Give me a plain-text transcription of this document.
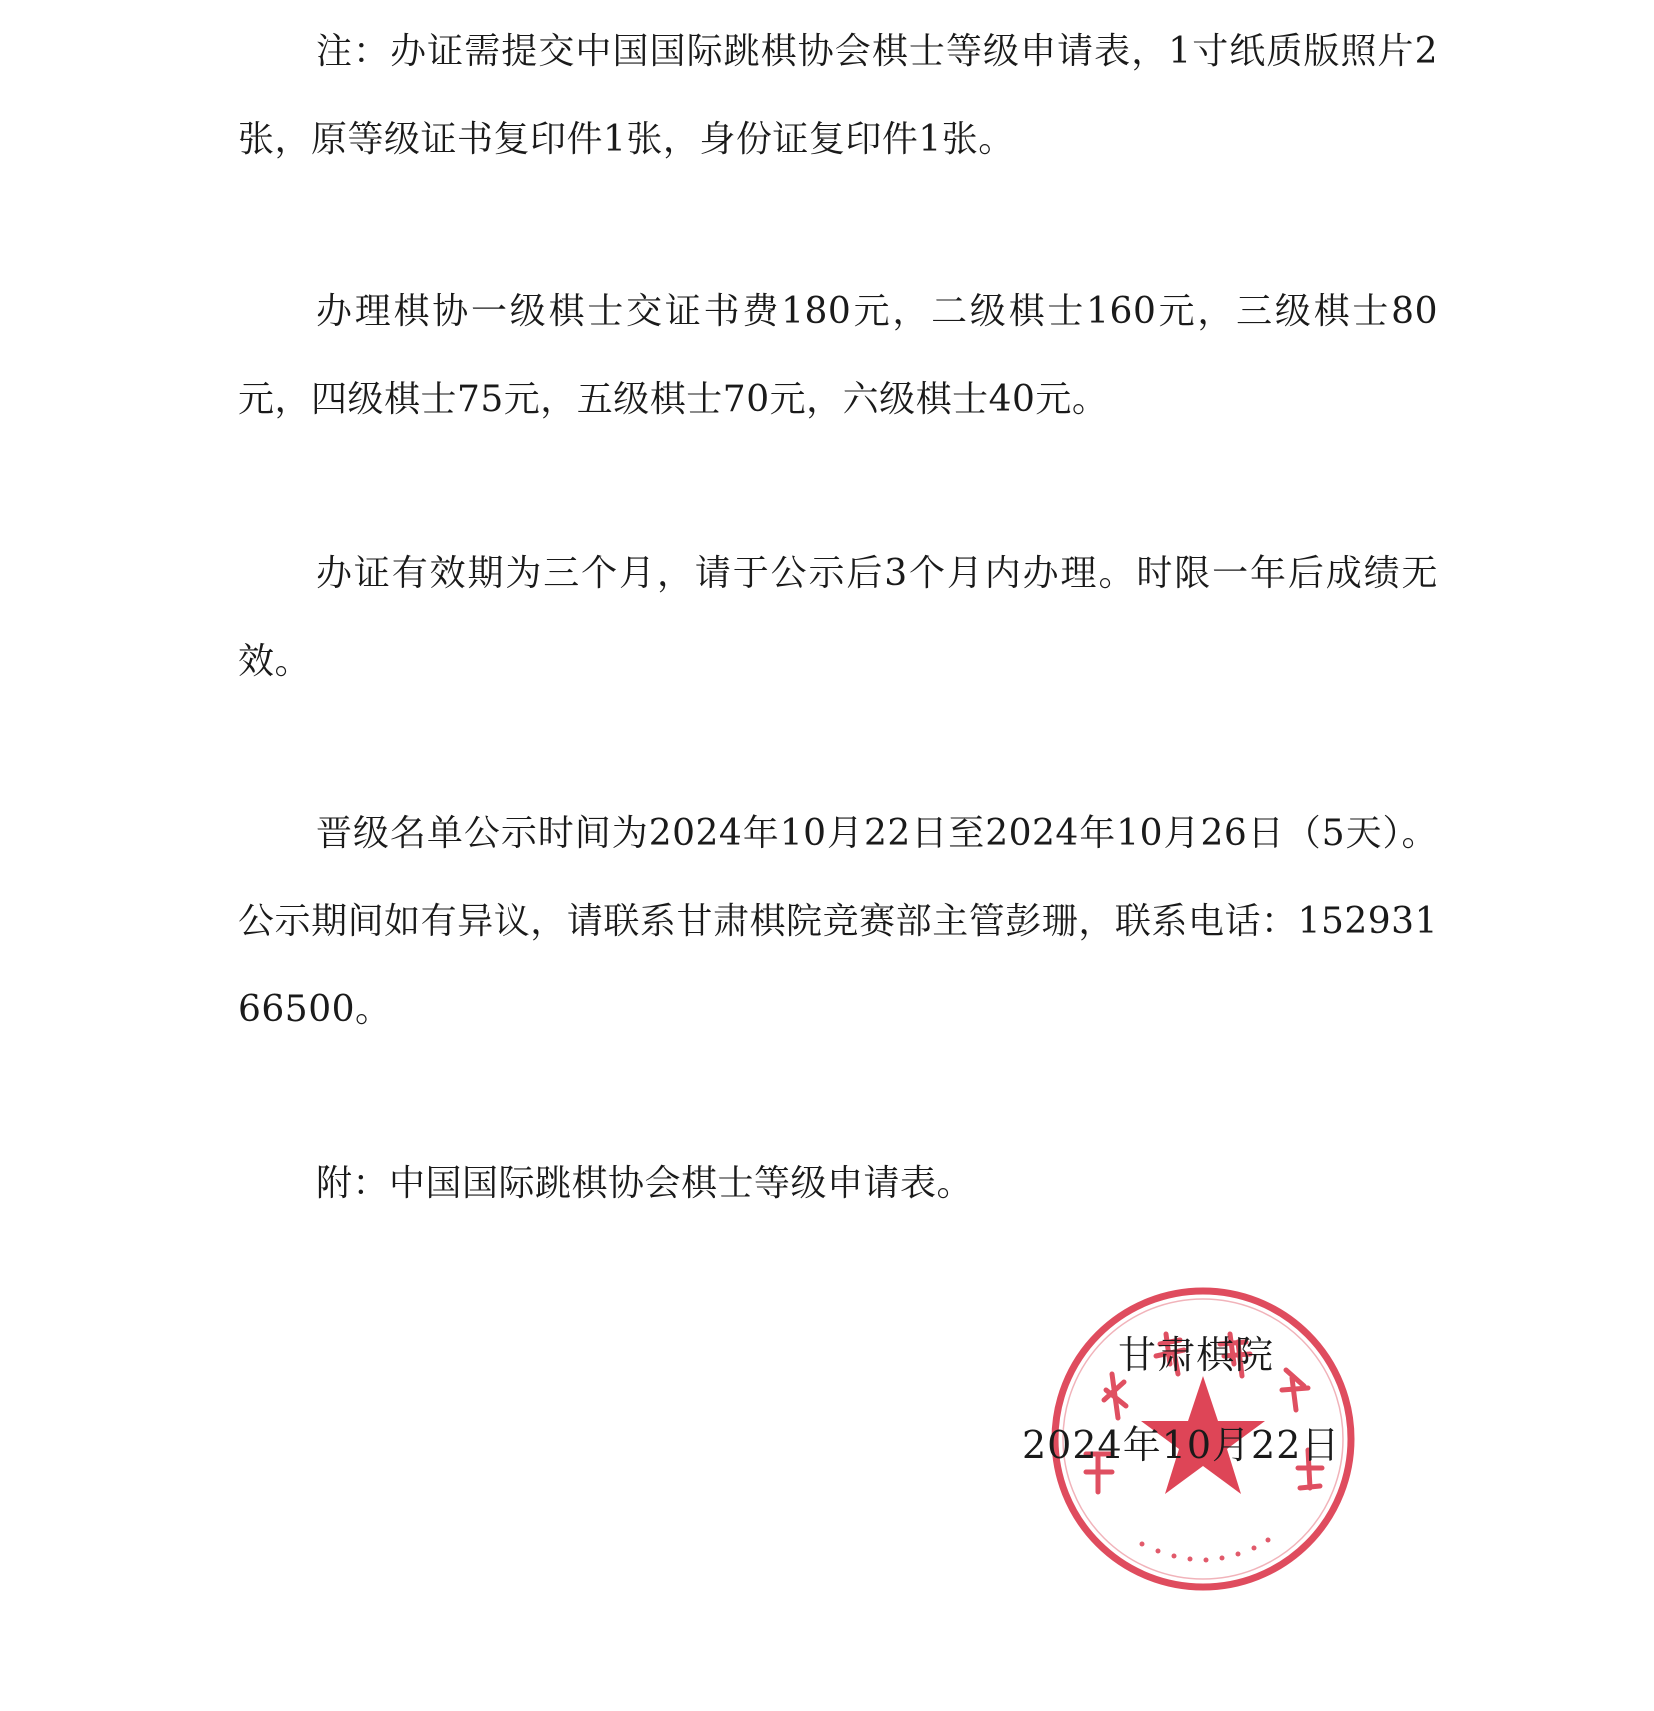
注：办证需提交中国国际跳棋协会棋士等级申请表，1寸纸质版照片2张，原等级证书复印件1张，身份证复印件1张。

办理棋协一级棋士交证书费180元，二级棋士160元，三级棋士80元，四级棋士75元，五级棋士70元，六级棋士40元。

办证有效期为三个月，请于公示后3个月内办理。时限一年后成绩无效。

晋级名单公示时间为2024年10月22日至2024年10月26日（5天）。公示期间如有异议，请联系甘肃棋院竞赛部主管彭珊，联系电话：15293166500。

附：中国国际跳棋协会棋士等级申请表。

甘肃棋院

2024年10月22日
